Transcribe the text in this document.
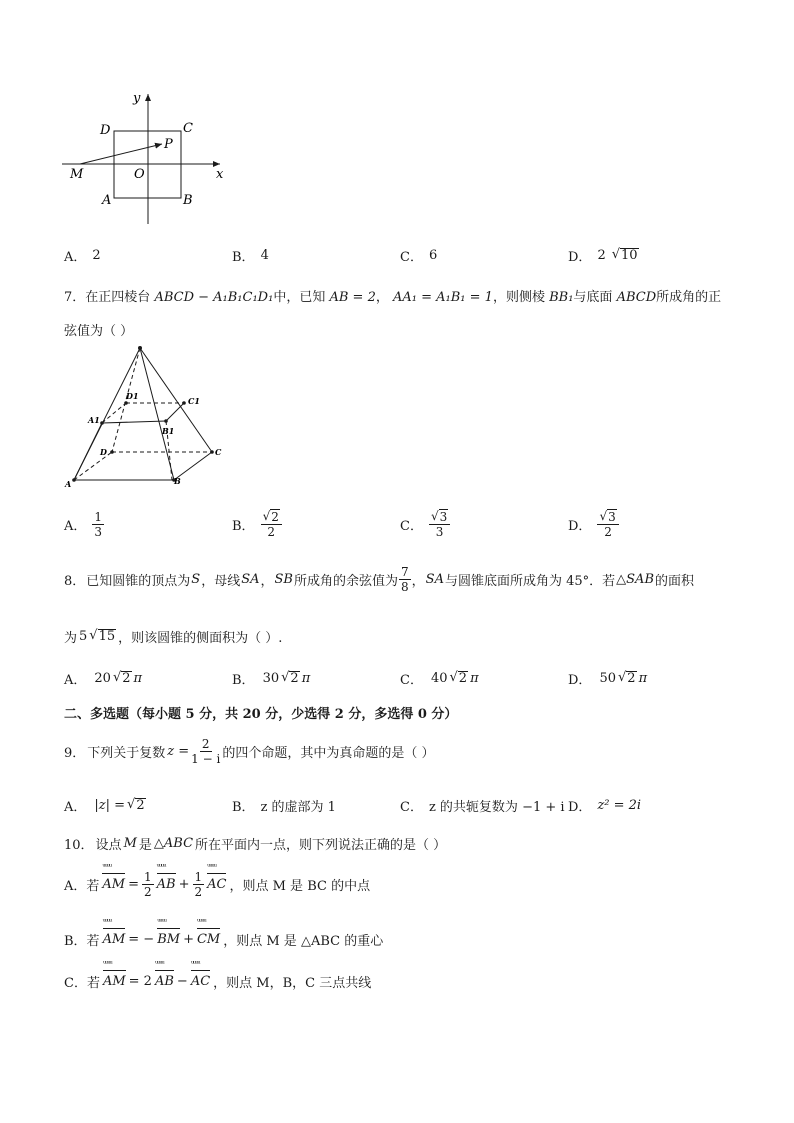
y
x
D	C
P
M	O
A	B
A． 2	B． 4	C． 6	D． 2 √ 10
7．在正四棱台 ABCD − A₁B₁C₁D₁中，已知 AB = 2， AA₁ = A₁B₁ = 1，则侧棱 BB₁与底面 ABCD所成角的正
弦值为（ ）
D1	C1
A1
B1
D	C
A	B
A． $\frac{1}{3}$	B． $\frac{√ 2}{2}$	C． $\frac{√ 3}{3}$	D． $\frac{√ 3}{2}$
8． 已知圆锥的顶点为 S ，母线 SA ， SB 所成角的余弦值为 $\frac{7}{8}$ ， SA 与圆锥底面所成角为 45°．若 △SAB 的面积
为 5 √ 15 ，则该圆锥的侧面积为（ ）.
A． 20 √ 2 π	B． 30 √ 2 π	C． 40 √ 2 π	D． 50 √ 2 π
二、多选题（每小题 5 分，共 20 分，少选得 2 分，多选得 0 分）
9． 下列关于复数 $z = \frac{2}{1 - i}$ 的四个命题，其中为真命题的是（ ）
A． |z| = √ 2	B． z 的虚部为 1	C． z 的共轭复数为 −1 + i D． z² = 2i
10． 设点 M 是 △ABC 所在平面内一点，则下列说法正确的是（ ）
A．若
ᵘᵘᵘᵘ
AM = $\frac{1}{2}$
ᵘᵘᵘᵘ
AB + $\frac{1}{2}$
ᵘᵘᵘᵘ
AC ，则点 M 是 BC 的中点
B．若
ᵘᵘᵘᵘ
AM = −
ᵘᵘᵘᵘ
BM +
ᵘᵘᵘᵘ
CM ，则点 M 是 △ABC 的重心
C．若
ᵘᵘᵘᵘ
AM = 2
ᵘᵘᵘᵘ
AB −
ᵘᵘᵘᵘ
AC ，则点 M，B，C 三点共线
